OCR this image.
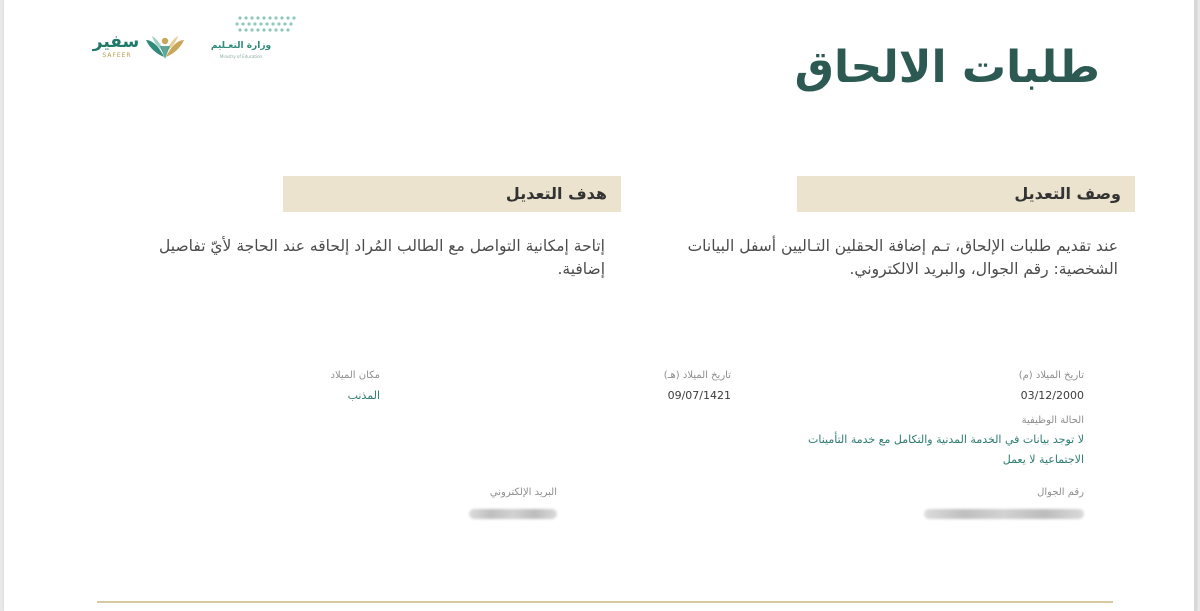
سفير
SAFEER
وزارة التعـليم
Ministry of Education	طلبات الالحاق
وصف التعديل
عند تقديم طلبات الإلحاق، تـم إضافة الحقلين التـاليين أسفل البيانات الشخصية: رقم الجوال، والبريد الالكتروني.
هدف التعديل
إتاحة إمكانية التواصل مع الطالب المُراد إلحاقه عند الحاجة لأيّ تفاصيل إضافية.
تاريخ الميلاد (م)
03/12/2000
تاريخ الميلاد (هـ)
09/07/1421
مكان الميلاد
المذنب
الحالة الوظيفية
لا توجد بيانات في الخدمة المدنية والتكامل مع خدمة التأمينات الاجتماعية لا يعمل
رقم الجوال
البريد الإلكتروني
